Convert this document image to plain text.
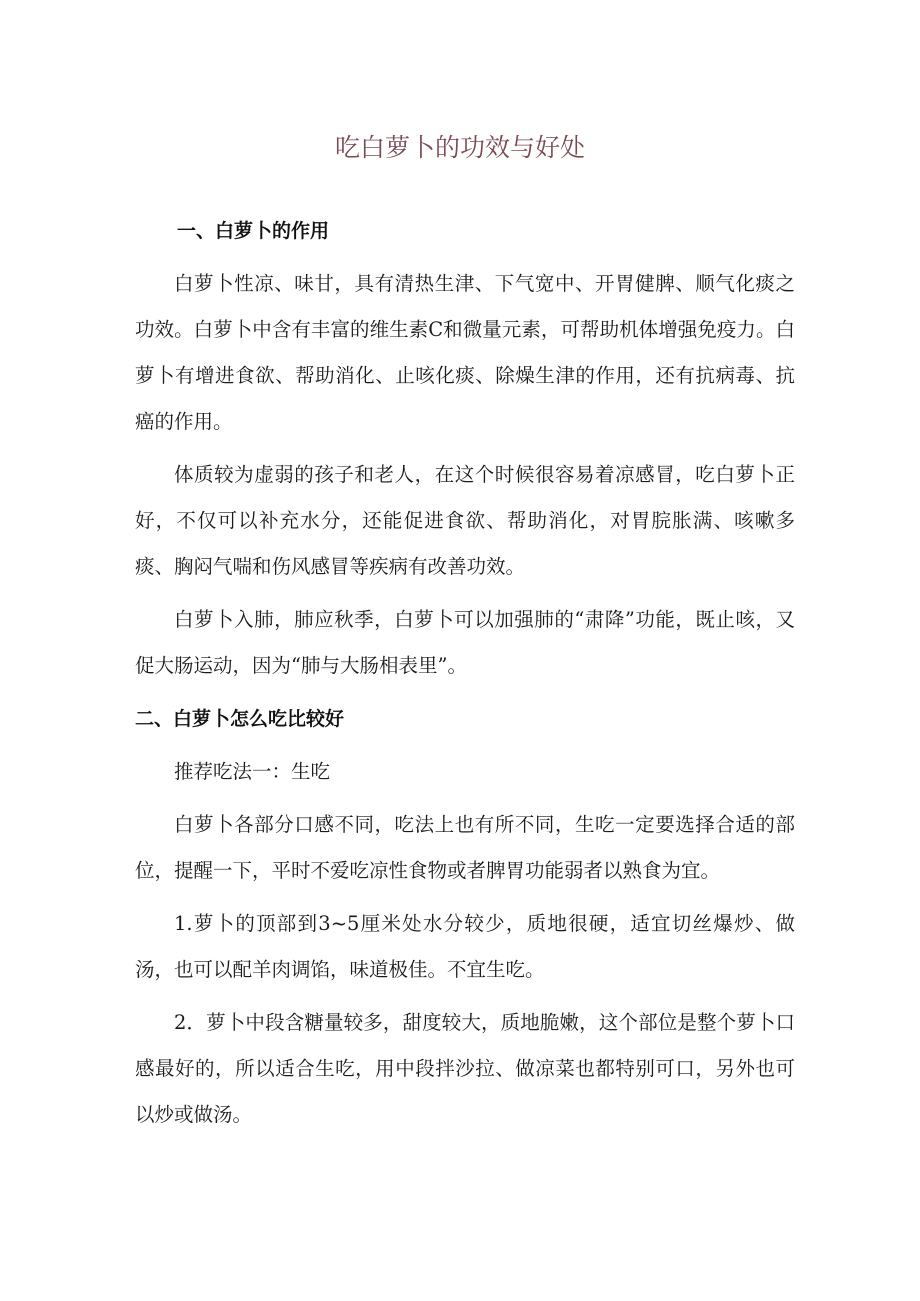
吃白萝卜的功效与好处
一、白萝卜的作用

白萝卜性凉、味甘，具有清热生津、下气宽中、开胃健脾、顺气化痰之功效。白萝卜中含有丰富的维生素C和微量元素，可帮助机体增强免疫力。白萝卜有增进食欲、帮助消化、止咳化痰、除燥生津的作用，还有抗病毒、抗癌的作用。

体质较为虚弱的孩子和老人，在这个时候很容易着凉感冒，吃白萝卜正好，不仅可以补充水分，还能促进食欲、帮助消化，对胃脘胀满、咳嗽多痰、胸闷气喘和伤风感冒等疾病有改善功效。

白萝卜入肺，肺应秋季，白萝卜可以加强肺的“肃降”功能，既止咳，又促大肠运动，因为“肺与大肠相表里”。

二、白萝卜怎么吃比较好

推荐吃法一：生吃

白萝卜各部分口感不同，吃法上也有所不同，生吃一定要选择合适的部位，提醒一下，平时不爱吃凉性食物或者脾胃功能弱者以熟食为宜。

1.萝卜的顶部到3~5厘米处水分较少，质地很硬，适宜切丝爆炒、做汤，也可以配羊肉调馅，味道极佳。不宜生吃。

2．萝卜中段含糖量较多，甜度较大，质地脆嫩，这个部位是整个萝卜口感最好的，所以适合生吃，用中段拌沙拉、做凉菜也都特别可口，另外也可以炒或做汤。
